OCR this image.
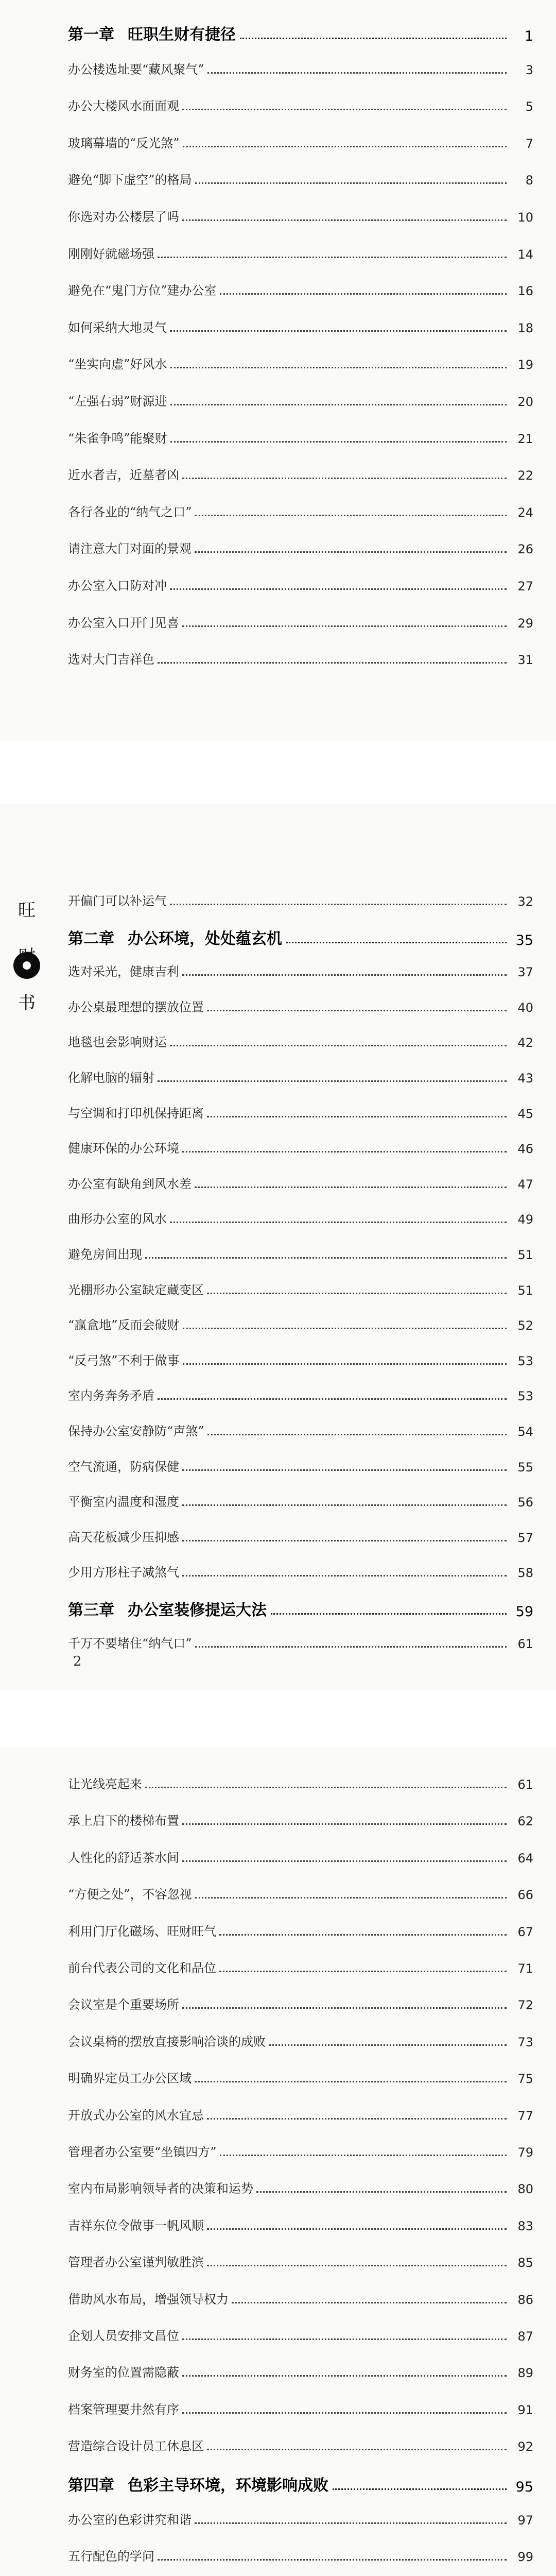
旺
书
第一章 旺职生财有捷径	1
办公楼选址要“藏风聚气”	3
办公大楼风水面面观	5
玻璃幕墙的“反光煞”	7
避免“脚下虚空”的格局	8
你选对办公楼层了吗	10
刚刚好就磁场强	14
避免在“鬼门方位”建办公室	16
如何采纳大地灵气	18
“坐实向虚”好风水	19
“左强右弱”财源进	20
“朱雀争鸣”能聚财	21
近水者吉，近墓者凶	22
各行各业的“纳气之口”	24
请注意大门对面的景观	26
办公室入口防对冲	27
办公室入口开门见喜	29
选对大门吉祥色	31
开偏门可以补运气	32
第二章 办公环境，处处蕴玄机	35
选对采光，健康吉利	37
办公桌最理想的摆放位置	40
地毯也会影响财运	42
化解电脑的辐射	43
与空调和打印机保持距离	45
健康环保的办公环境	46
办公室有缺角到风水差	47
曲形办公室的风水	49
避免房间出现	51
光棚形办公室缺定藏变区	51
“赢盒地”反而会破财	52
“反弓煞”不利于做事	53
室内务奔务矛盾	53
保持办公室安静防“声煞”	54
空气流通，防病保健	55
平衡室内温度和湿度	56
高天花板减少压抑感	57
少用方形柱子减煞气	58
第三章 办公室装修提运大法	59
千万不要堵住“纳气口”	61
让光线亮起来	61
承上启下的楼梯布置	62
人性化的舒适茶水间	64
“方便之处”，不容忽视	66
利用门厅化磁场、旺财旺气	67
前台代表公司的文化和品位	71
会议室是个重要场所	72
会议桌椅的摆放直接影响洽谈的成败	73
明确界定员工办公区域	75
开放式办公室的风水宜忌	77
管理者办公室要“坐镇四方”	79
室内布局影响领导者的决策和运势	80
吉祥东位令做事一帆风顺	83
管理者办公室谨判敏胜滨	85
借助风水布局，增强领导权力	86
企划人员安排文昌位	87
财务室的位置需隐蔽	89
档案管理要井然有序	91
营造综合设计员工休息区	92
第四章 色彩主导环境，环境影响成败	95
办公室的色彩讲究和谐	97
五行配色的学问	99
2
